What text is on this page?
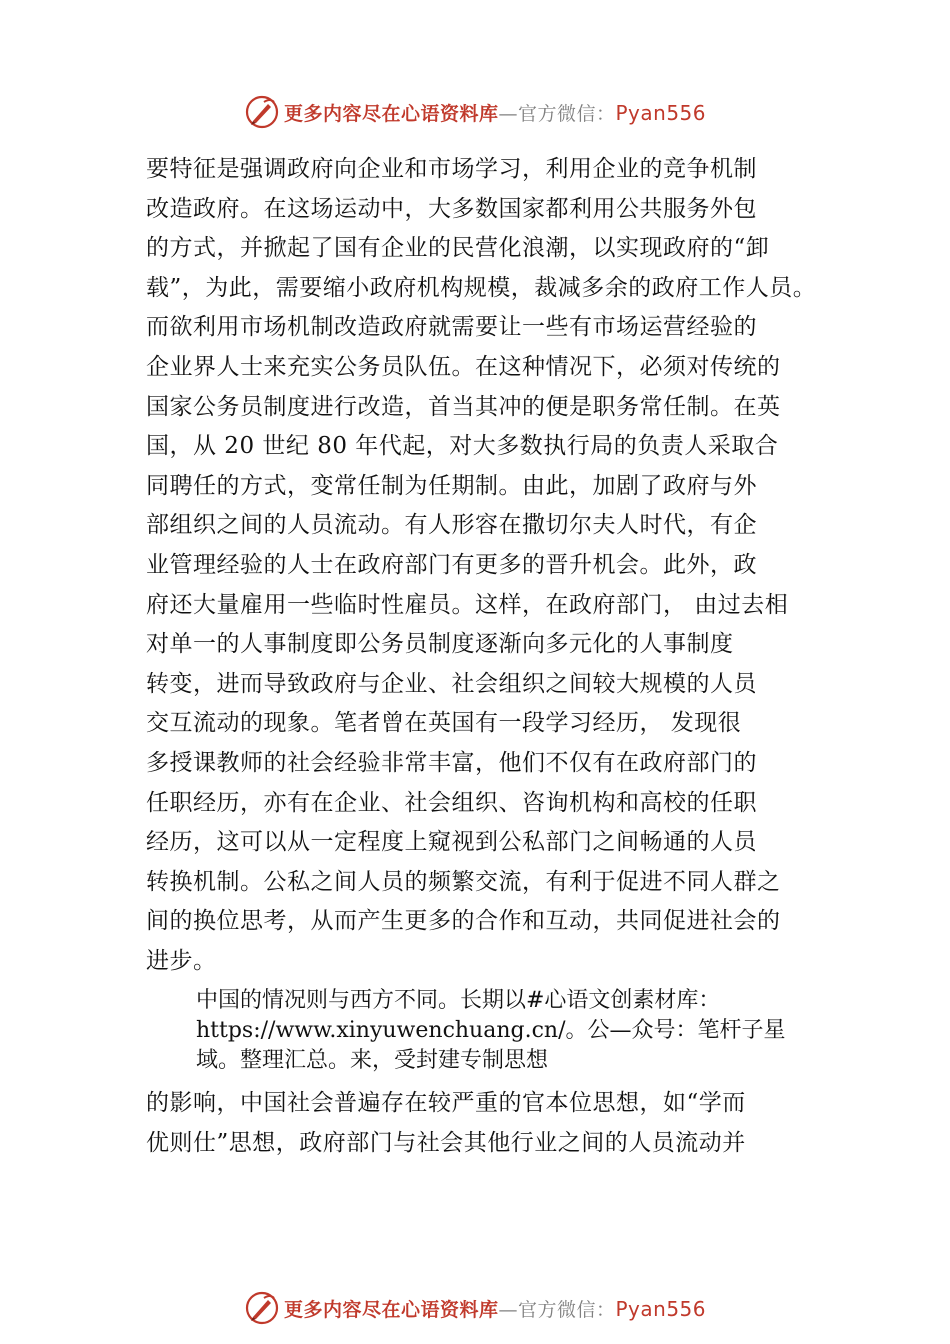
更多内容尽在心语资料库—官方微信：Pyan556
要特征是强调政府向企业和市场学习，利用企业的竞争机制
改造政府。在这场运动中，大多数国家都利用公共服务外包
的方式，并掀起了国有企业的民营化浪潮，以实现政府的“卸
载”，为此，需要缩小政府机构规模，裁减多余的政府工作人员。
而欲利用市场机制改造政府就需要让一些有市场运营经验的
企业界人士来充实公务员队伍。在这种情况下，必须对传统的
国家公务员制度进行改造，首当其冲的便是职务常任制。在英
国，从 20 世纪 80 年代起，对大多数执行局的负责人采取合
同聘任的方式，变常任制为任期制。由此，加剧了政府与外
部组织之间的人员流动。有人形容在撒切尔夫人时代，有企
业管理经验的人士在政府部门有更多的晋升机会。此外，政
府还大量雇用一些临时性雇员。这样，在政府部门， 由过去相
对单一的人事制度即公务员制度逐渐向多元化的人事制度
转变，进而导致政府与企业、社会组织之间较大规模的人员
交互流动的现象。笔者曾在英国有一段学习经历， 发现很
多授课教师的社会经验非常丰富，他们不仅有在政府部门的
任职经历，亦有在企业、社会组织、咨询机构和高校的任职
经历，这可以从一定程度上窥视到公私部门之间畅通的人员
转换机制。公私之间人员的频繁交流，有利于促进不同人群之
间的换位思考，从而产生更多的合作和互动，共同促进社会的
进步。
中国的情况则与西方不同。长期以#心语文创素材库：
https://www.xinyuwenchuang.cn/。公—众号：笔杆子星
域。整理汇总。来，受封建专制思想
的影响，中国社会普遍存在较严重的官本位思想，如“学而
优则仕”思想，政府部门与社会其他行业之间的人员流动并
更多内容尽在心语资料库—官方微信：Pyan556
